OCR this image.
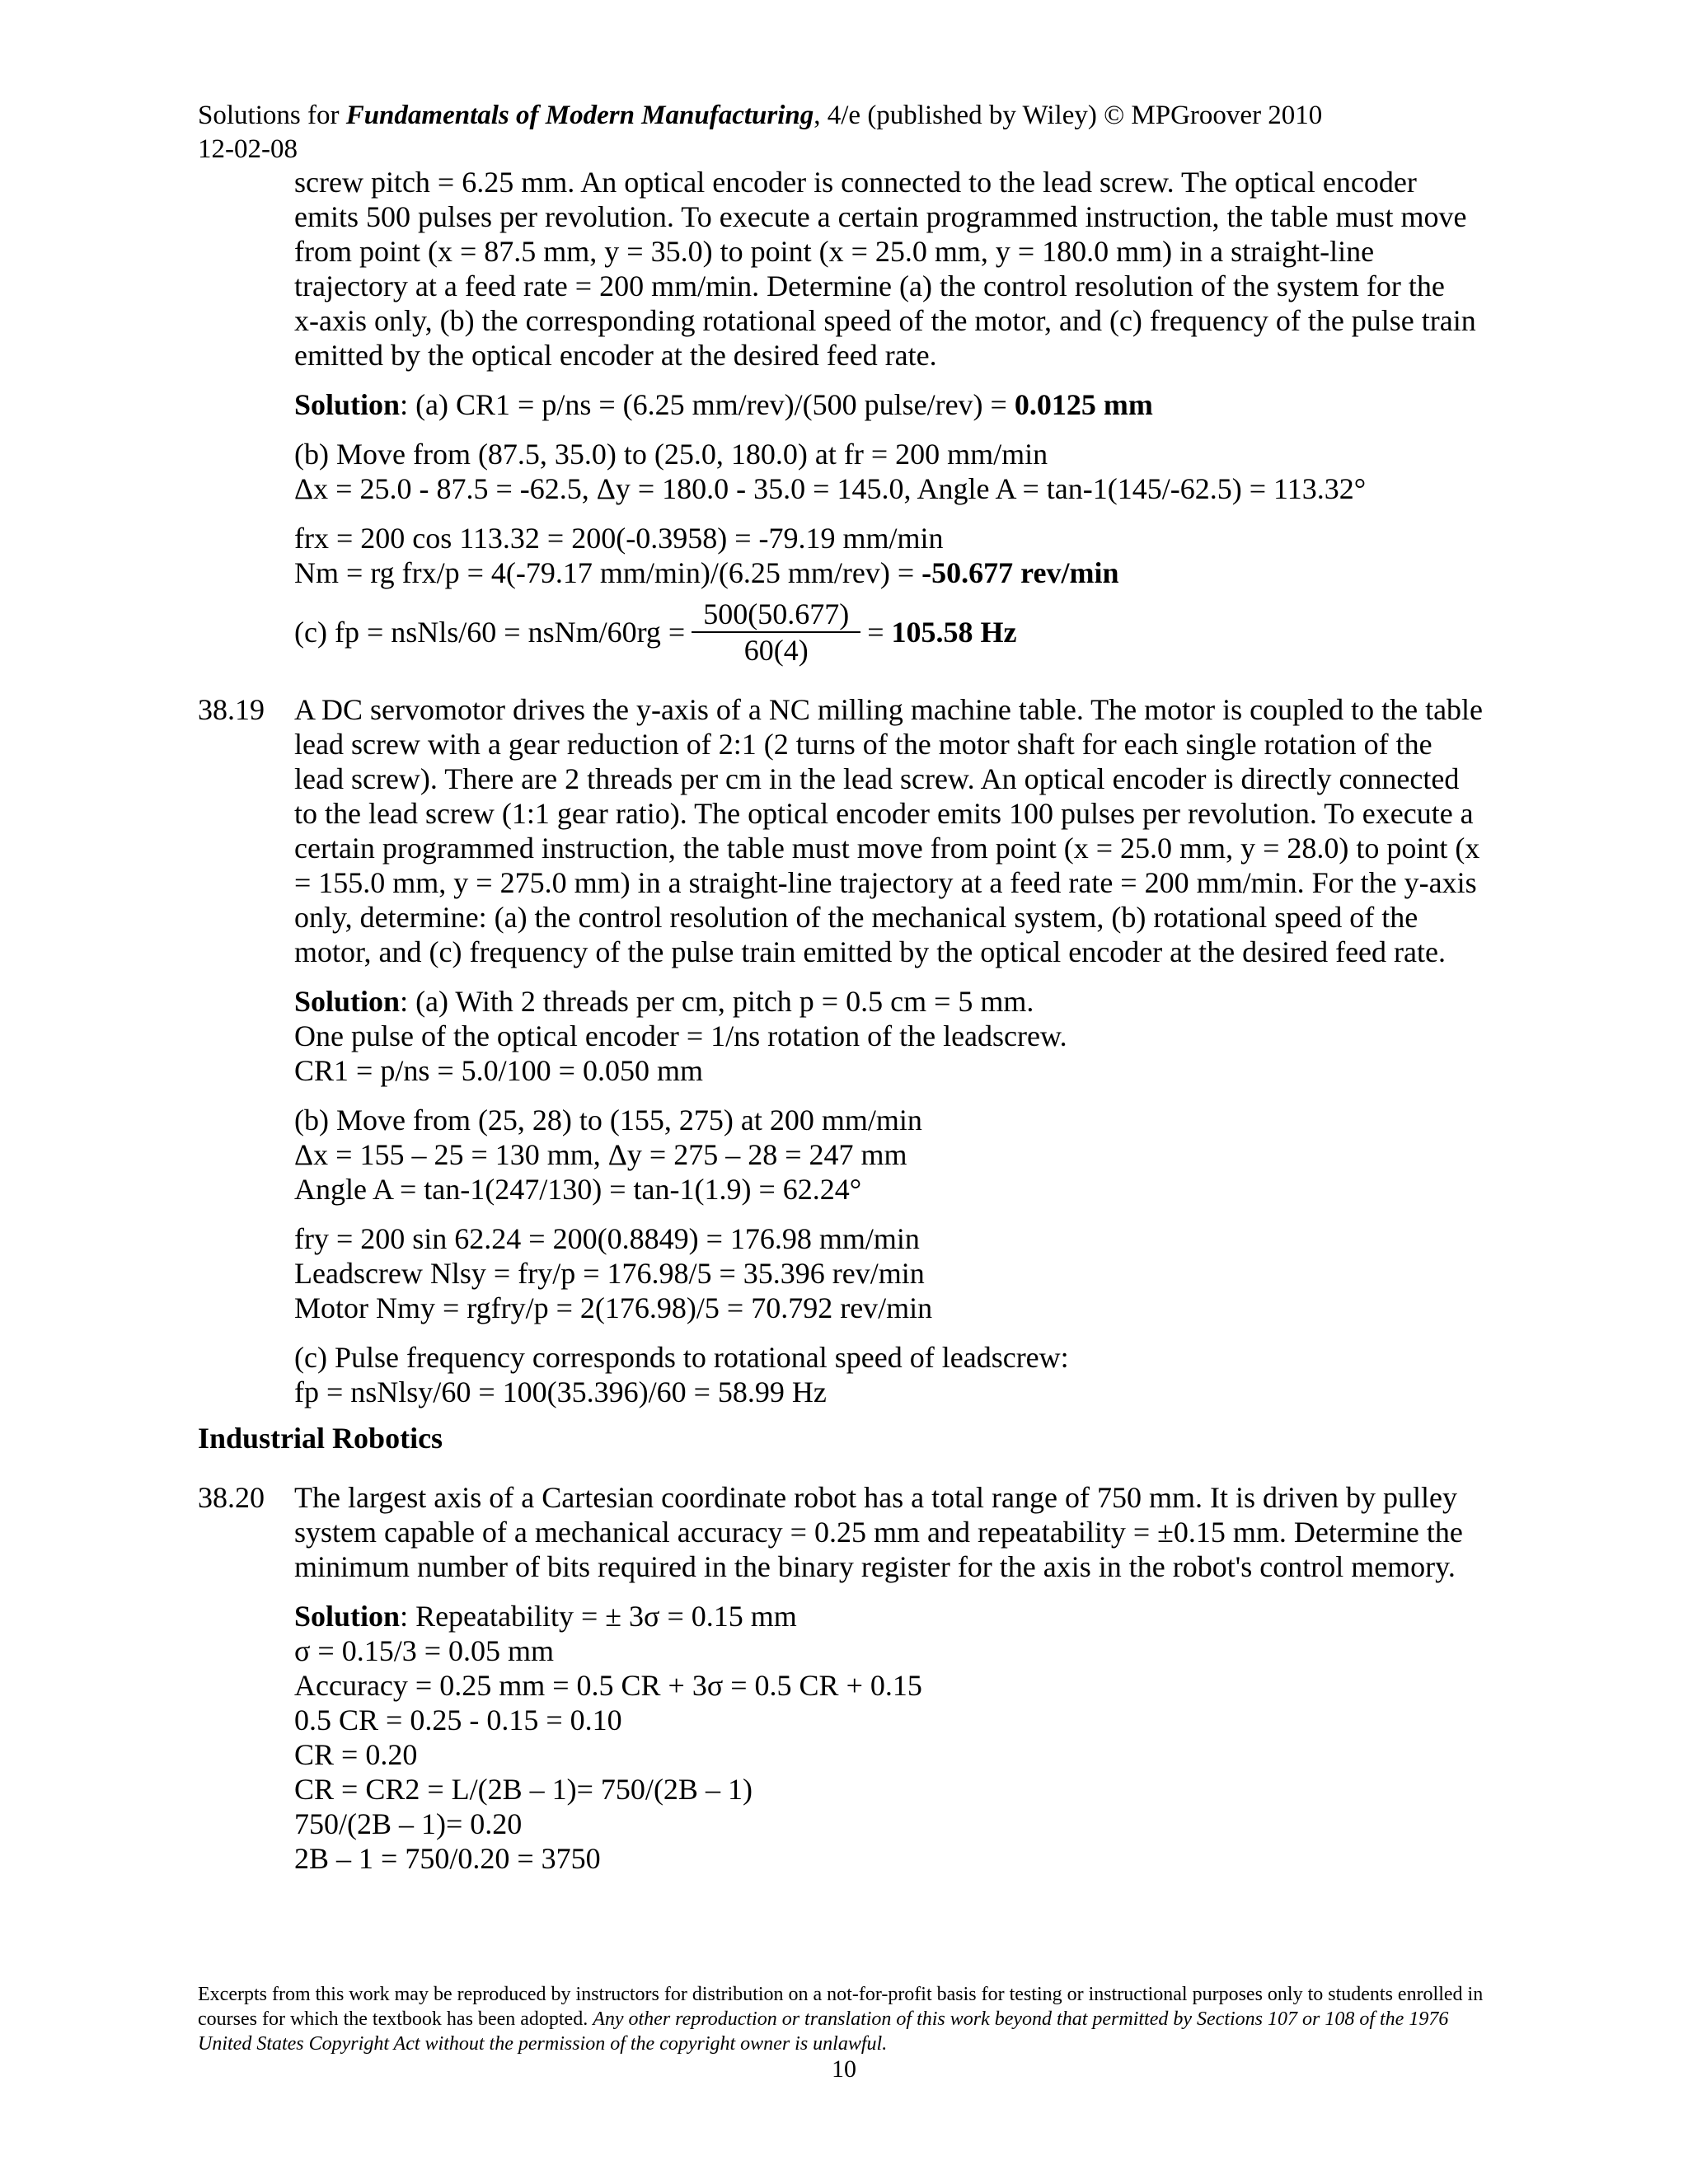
Solutions for Fundamentals of Modern Manufacturing, 4/e (published by Wiley) © MPGroover 2010
12-02-08
screw pitch = 6.25 mm. An optical encoder is connected to the lead screw. The optical encoder
emits 500 pulses per revolution. To execute a certain programmed instruction, the table must move
from point (x = 87.5 mm, y = 35.0) to point (x = 25.0 mm, y = 180.0 mm) in a straight-line
trajectory at a feed rate = 200 mm/min. Determine (a) the control resolution of the system for the
x-axis only, (b) the corresponding rotational speed of the motor, and (c) frequency of the pulse train
emitted by the optical encoder at the desired feed rate.
Solution: (a) CR1 = p/ns = (6.25 mm/rev)/(500 pulse/rev) = 0.0125 mm
(b) Move from (87.5, 35.0) to (25.0, 180.0) at fr = 200 mm/min
Δx = 25.0 - 87.5 = -62.5, Δy = 180.0 - 35.0 = 145.0, Angle A = tan-1(145/-62.5) = 113.32°
frx = 200 cos 113.32 = 200(-0.3958) = -79.19 mm/min
Nm = rg frx/p = 4(-79.17 mm/min)/(6.25 mm/rev) = -50.677 rev/min
(c) fp = nsNls/60 = nsNm/60rg = $\frac{500(50.677)}{60(4)} = 105.58$ Hz
38.19	A DC servomotor drives the y-axis of a NC milling machine table. The motor is coupled to the table
lead screw with a gear reduction of 2:1 (2 turns of the motor shaft for each single rotation of the
lead screw). There are 2 threads per cm in the lead screw. An optical encoder is directly connected
to the lead screw (1:1 gear ratio). The optical encoder emits 100 pulses per revolution. To execute a
certain programmed instruction, the table must move from point (x = 25.0 mm, y = 28.0) to point (x
= 155.0 mm, y = 275.0 mm) in a straight-line trajectory at a feed rate = 200 mm/min. For the y-axis
only, determine: (a) the control resolution of the mechanical system, (b) rotational speed of the
motor, and (c) frequency of the pulse train emitted by the optical encoder at the desired feed rate.
Solution: (a) With 2 threads per cm, pitch p = 0.5 cm = 5 mm.
One pulse of the optical encoder = 1/ns rotation of the leadscrew.
CR1 = p/ns = 5.0/100 = 0.050 mm
(b) Move from (25, 28) to (155, 275) at 200 mm/min
Δx = 155 – 25 = 130 mm, Δy = 275 – 28 = 247 mm
Angle A = tan-1(247/130) = tan-1(1.9) = 62.24°
fry = 200 sin 62.24 = 200(0.8849) = 176.98 mm/min
Leadscrew Nlsy = fry/p = 176.98/5 = 35.396 rev/min
Motor Nmy = rgfry/p = 2(176.98)/5 = 70.792 rev/min
(c) Pulse frequency corresponds to rotational speed of leadscrew:
fp = nsNlsy/60 = 100(35.396)/60 = 58.99 Hz
Industrial Robotics
38.20	The largest axis of a Cartesian coordinate robot has a total range of 750 mm. It is driven by pulley
system capable of a mechanical accuracy = 0.25 mm and repeatability = ±0.15 mm. Determine the
minimum number of bits required in the binary register for the axis in the robot's control memory.
Solution: Repeatability = ± 3σ = 0.15 mm
σ = 0.15/3 = 0.05 mm
Accuracy = 0.25 mm = 0.5 CR + 3σ = 0.5 CR + 0.15
0.5 CR = 0.25 - 0.15 = 0.10
CR = 0.20
CR = CR2 = L/(2B – 1)= 750/(2B – 1)
750/(2B – 1)= 0.20
2B – 1 = 750/0.20 = 3750
Excerpts from this work may be reproduced by instructors for distribution on a not-for-profit basis for testing or instructional purposes only to students enrolled in courses for which the textbook has been adopted. Any other reproduction or translation of this work beyond that permitted by Sections 107 or 108 of the 1976 United States Copyright Act without the permission of the copyright owner is unlawful.
10
